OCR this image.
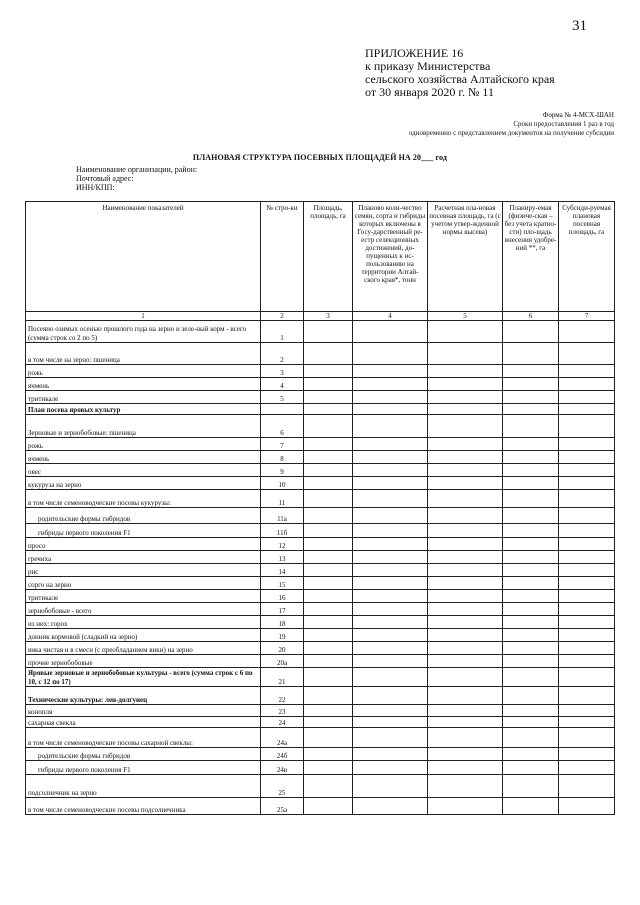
31
ПРИЛОЖЕНИЕ 16
к приказу Министерства
сельского хозяйства Алтайского края
от 30 января 2020 г. № 11
Форма № 4-МСХ-ШАН
Сроки предоставления 1 раз в год
одновременно с представлением документов на получение субсидии
ПЛАНОВАЯ СТРУКТУРА ПОСЕВНЫХ ПЛОЩАДЕЙ НА 20___ год
Наименование организации, район:
Почтовый адрес:
ИНН/КПП:
Наименование показателей	№ стро-ки	Площадь, площадь, га	Планово коли-чество семян, сорта и гибриды которых включены в Госу-дарственный ре-естр селекционных достижений, до-пущенных к ис-пользованию на территории Алтай-ского края*, тонн	Расчетная пла-новая посевная площадь, га (с учетом утвер-жденной нормы высева)	Планиру-емая (физиче-ская – без учета кратно-сти) пло-щадь внесения удобре-ний **, га	Субсиди-руемая плановая посевная площадь, га
1	2	3	4	5	6	7
Посеяно озимых осенью прошлого года на зерно и зеле-ный корм - всего (сумма строк со 2 по 5)	1					
в том числе на зерно: пшеница	2					
рожь	3					
ячмень	4					
тритикале	5					
План посева яровых культур						
Зерновые и зернобобовые: пшеница	6					
рожь	7					
ячмень	8					
овес	9					
кукуруза на зерно	10					
в том числе семеноводческие посевы кукурузы:	11					
родительские формы гибридов	11а					
гибриды первого поколения F1	11б					
просо	12					
гречиха	13					
рис	14					
сорго на зерно	15					
тритикале	16					
зернобобовые - всего	17					
из них: горох	18					
донник кормовой (сладкий на зерно)	19					
вика чистая и в смеси (с преобладанием вики) на зерно	20					
прочие зернобобовые	20а					
Яровые зерновые и зернобобовые культуры - всего (сумма строк с 6 по 10, с 12 по 17)	21					
Технические культуры: лен-долгунец	22					
конопля	23					
сахарная свекла	24					
в том числе семеноводческие посевы сахарной свеклы:	24а					
родительские формы гибридов	24б					
гибриды первого поколения F1	24в					
подсолнечник на зерно	25					
в том числе семеноводческие посевы подсолнечника	25а					
